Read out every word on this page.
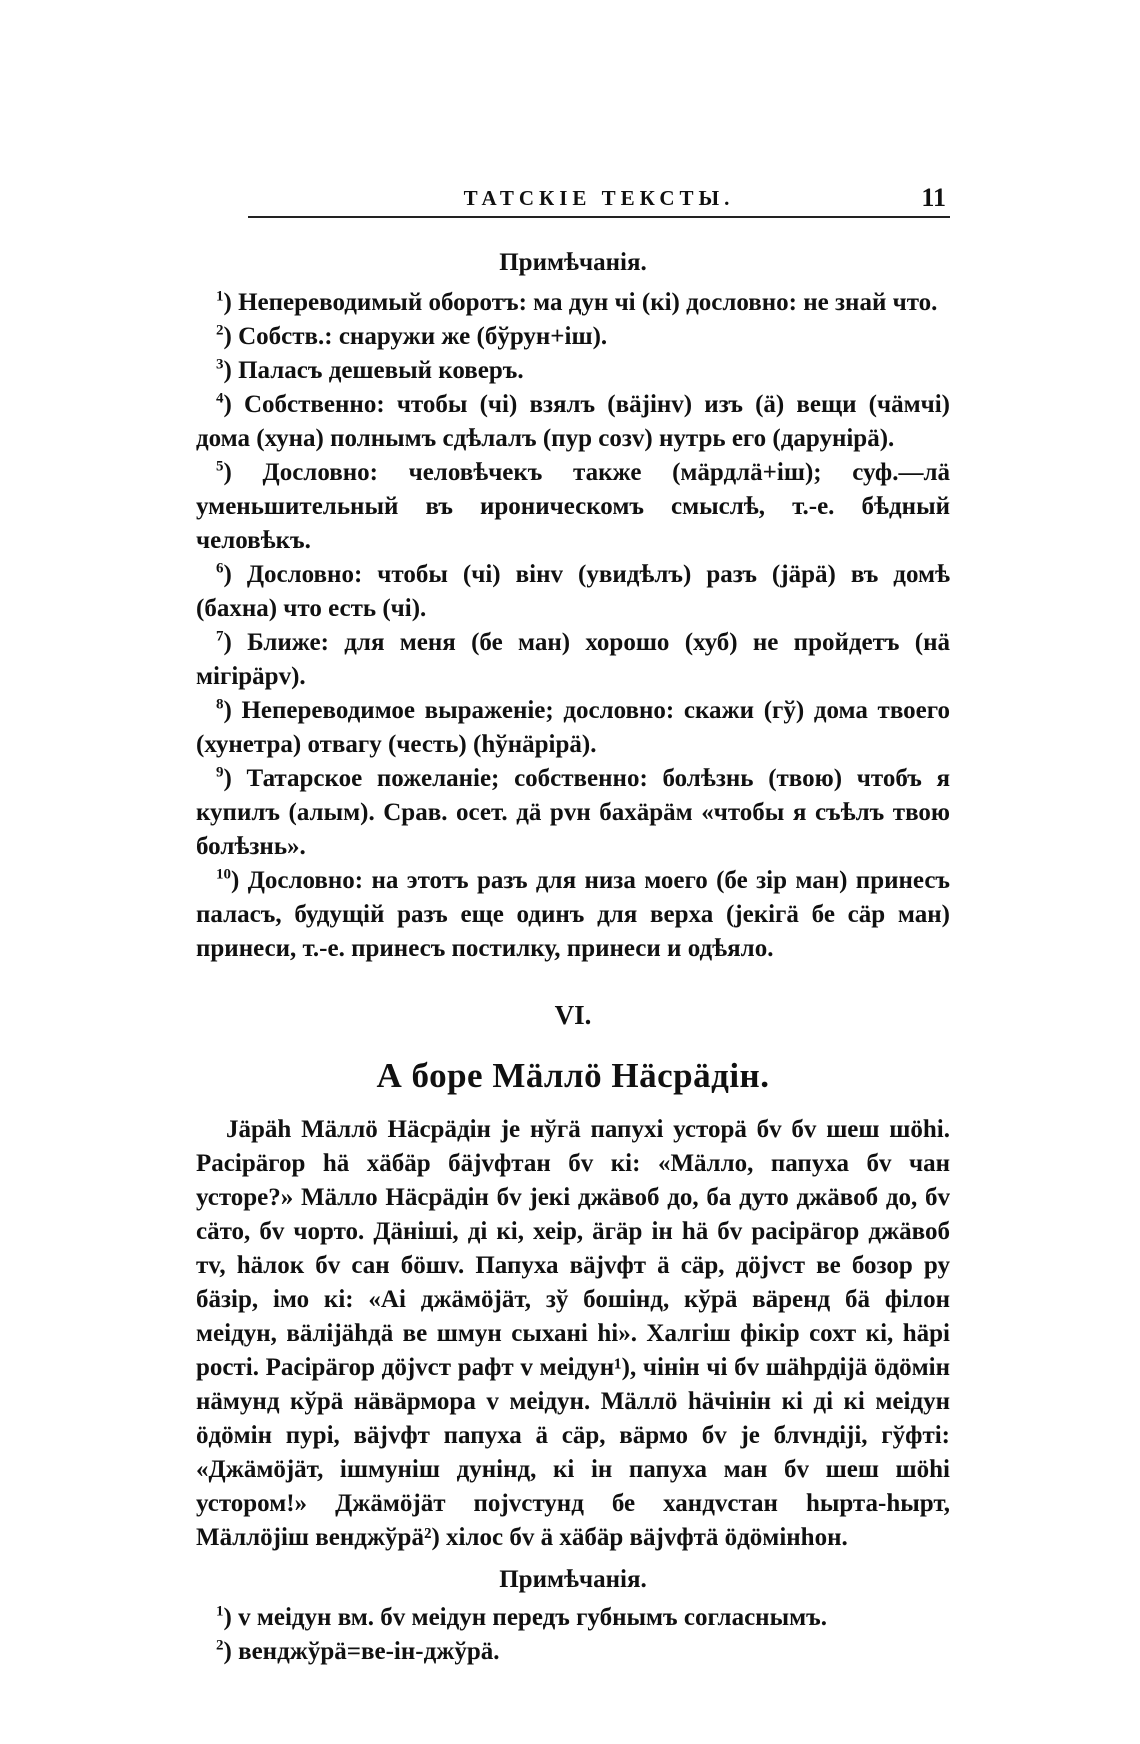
ТАТСКІЕ ТЕКСТЫ.	11

Примѣчанія.

$^1$) Непереводимый оборотъ: ма дун чі (кі) дословно: не знай что.

$^2$) Собств.: снаружи же (бўрун+іш).

$^3$) Паласъ дешевый коверъ.

$^4$) Собственно: чтобы (чі) взялъ (вäјінv) изъ (ä) вещи (чäмчі) дома (хуна) полнымъ сдѣлалъ (пур созv) нутрь его (дарунірä).

$^5$) Дословно: человѣчекъ также (мäрдлä+іш); суф.—лä уменьшительный въ ироническомъ смыслѣ, т.-е. бѣдный человѣкъ.

$^6$) Дословно: чтобы (чі) вінv (увидѣлъ) разъ (јäрä) въ домѣ (бахна) что есть (чі).

$^7$) Ближе: для меня (бе ман) хорошо (хуб) не пройдетъ (нä мігірäрv).

$^8$) Непереводимое выраженіе; дословно: скажи (гў) дома твоего (хунетра) отвагу (честь) (һўнäрірä).

$^9$) Татарское пожеланіе; собственно: болѣзнь (твою) чтобъ я купилъ (алым). Срав. осет. дä рvн бахäрäм «чтобы я съѣлъ твою болѣзнь».

$^{10}$) Дословно: на этотъ разъ для низа моего (бе зір ман) принесъ паласъ, будущій разъ еще одинъ для верха (јекігä бе сäр ман) принеси, т.-е. принесъ постилку, принеси и одѣяло.

VI.

А боре Мäллö Нäсрäдін.

Јäрäһ Мäллö Нäсрäдін је нўгä папухі усторä бv бv шеш шöһі. Расірäгор һä хäбäр бäјvфтан бv кі: «Мäлло, папуха бv чан усторе?» Мäлло Нäсрäдін бv јекі джäвоб до, ба дуто джäвоб до, бv сäто, бv чорто. Дäніші, ді кі, хеір, äгäр ін һä бv расірäгор джäвоб тv, һäлок бv сан бöшv. Папуха вäјvфт ä сäр, дöјvст ве бозор ру бäзір, імо кі: «Аі джäмöјäт, зў бошінд, кўрä вäренд бä філон меідун, вäліјäһдä ве шмун сыхані һі». Халгіш фікір сохт кі, һäрі рості. Расірäгор дöјvст рафт v меідун¹), чінін чі бv шäһрдіјä öдöмін нäмунд кўрä нäвäрмора v меідун. Мäллö һäчінін кі ді кі меідун öдöмін пурі, вäјvфт папуха ä сäр, вäрмо бv је блvндіјі, гўфті: «Джäмöјäт, ішмуніш дунінд, кі ін папуха ман бv шеш шöһі устором!» Джäмöјäт појvстунд бе хандvстан һырта-һырт, Мäллöјіш венджўрä²) хілос бv ä хäбäр вäјvфтä öдöмінһон.

Примѣчанія.

$^1$) v меідун вм. бv меідун передъ губнымъ согласнымъ.

$^2$) венджўрä=ве-ін-джўрä.
